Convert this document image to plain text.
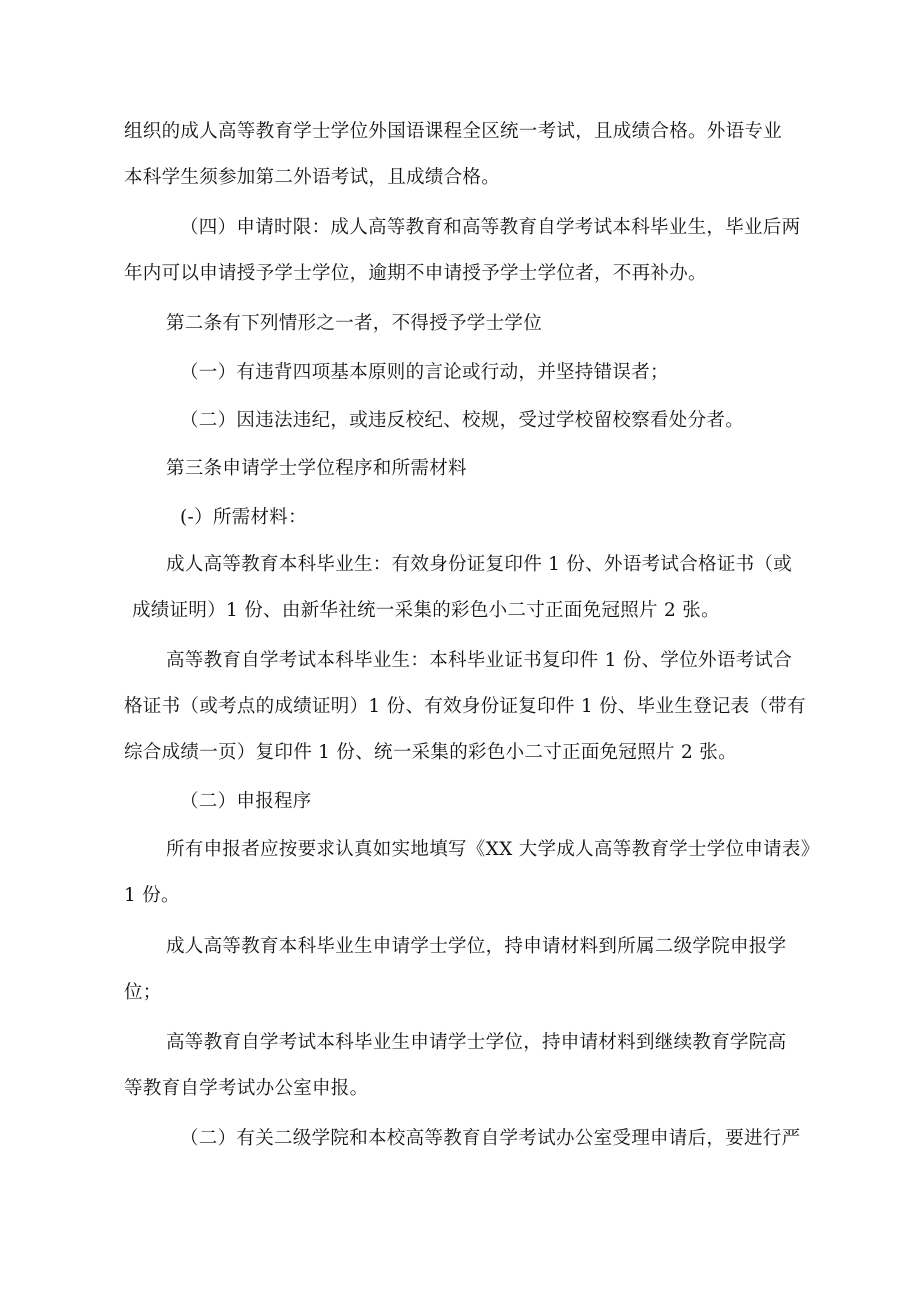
组织的成人高等教育学士学位外国语课程全区统一考试，且成绩合格。外语专业
本科学生须参加第二外语考试，且成绩合格。

（四）申请时限：成人高等教育和高等教育自学考试本科毕业生，毕业后两
年内可以申请授予学士学位，逾期不申请授予学士学位者，不再补办。

第二条有下列情形之一者，不得授予学士学位

（一）有违背四项基本原则的言论或行动，并坚持错误者；

（二）因违法违纪，或违反校纪、校规，受过学校留校察看处分者。

第三条申请学士学位程序和所需材料

(-）所需材料：

成人高等教育本科毕业生：有效身份证复印件 1 份、外语考试合格证书（或
成绩证明）1 份、由新华社统一采集的彩色小二寸正面免冠照片 2 张。

高等教育自学考试本科毕业生：本科毕业证书复印件 1 份、学位外语考试合
格证书（或考点的成绩证明）1 份、有效身份证复印件 1 份、毕业生登记表（带有
综合成绩一页）复印件 1 份、统一采集的彩色小二寸正面免冠照片 2 张。

（二）申报程序

所有申报者应按要求认真如实地填写《XX 大学成人高等教育学士学位申请表》
1 份。

成人高等教育本科毕业生申请学士学位，持申请材料到所属二级学院申报学
位；

高等教育自学考试本科毕业生申请学士学位，持申请材料到继续教育学院高
等教育自学考试办公室申报。

（二）有关二级学院和本校高等教育自学考试办公室受理申请后，要进行严
